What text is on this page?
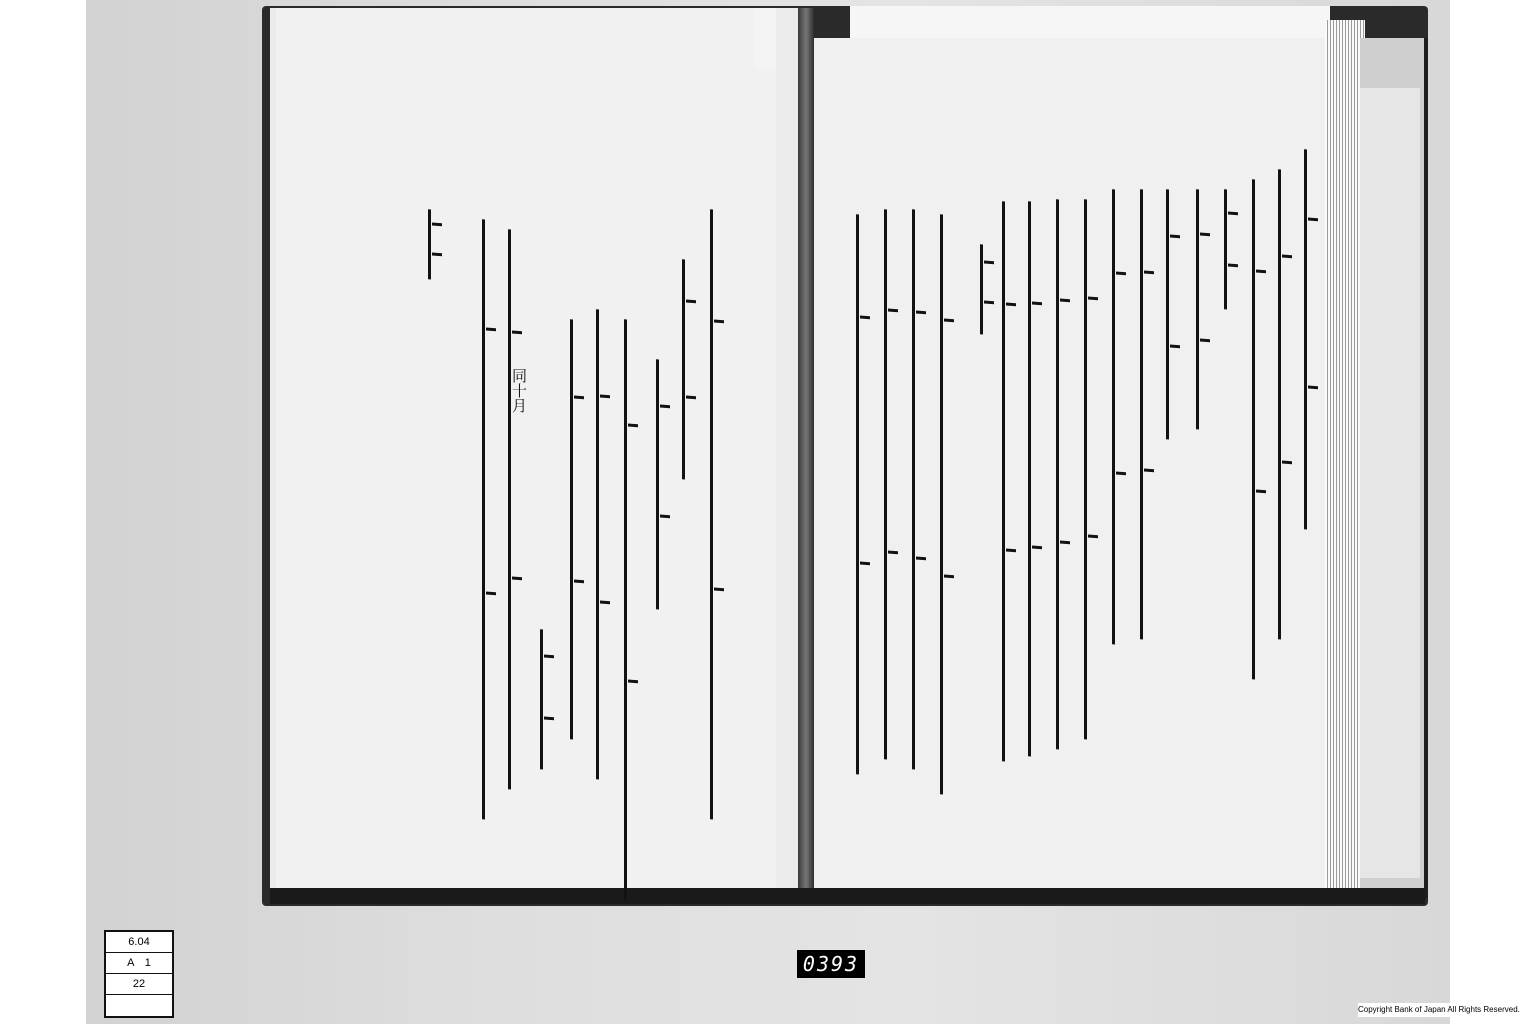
同十月
6.04
A　1
22
0393
Copyright Bank of Japan All Rights Reserved.
